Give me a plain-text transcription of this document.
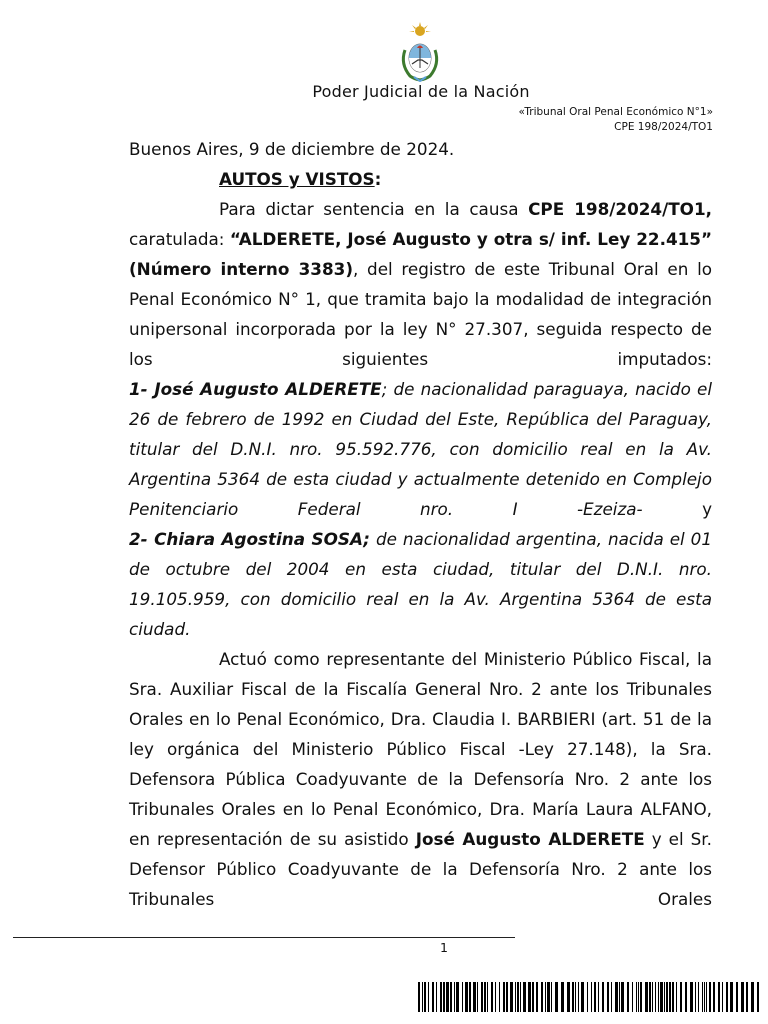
Poder Judicial de la Nación
«Tribunal Oral Penal Económico N°1»
CPE 198/2024/TO1

Buenos Aires, 9 de diciembre de 2024.

AUTOS y VISTOS:

Para dictar sentencia en la causa CPE 198/2024/TO1, caratulada: “ALDERETE, José Augusto y otra s/ inf. Ley 22.415” (Número interno 3383), del registro de este Tribunal Oral en lo Penal Económico N° 1, que tramita bajo la modalidad de integración unipersonal incorporada por la ley N° 27.307, seguida respecto de los siguientes imputados:

1- José Augusto ALDERETE; de nacionalidad paraguaya, nacido el 26 de febrero de 1992 en Ciudad del Este, República del Paraguay, titular del D.N.I. nro. 95.592.776, con domicilio real en la Av. Argentina 5364 de esta ciudad y actualmente detenido en Complejo Penitenciario Federal nro. I -Ezeiza- y

2- Chiara Agostina SOSA; de nacionalidad argentina, nacida el 01 de octubre del 2004 en esta ciudad, titular del D.N.I. nro. 19.105.959, con domicilio real en la Av. Argentina 5364 de esta ciudad.

Actuó como representante del Ministerio Público Fiscal, la Sra. Auxiliar Fiscal de la Fiscalía General Nro. 2 ante los Tribunales Orales en lo Penal Económico, Dra. Claudia I. BARBIERI (art. 51 de la ley orgánica del Ministerio Público Fiscal -Ley 27.148), la Sra. Defensora Pública Coadyuvante de la Defensoría Nro. 2 ante los Tribunales Orales en lo Penal Económico, Dra. María Laura ALFANO, en representación de su asistido José Augusto ALDERETE y el Sr. Defensor Público Coadyuvante de la Defensoría Nro. 2 ante los Tribunales Orales

1
